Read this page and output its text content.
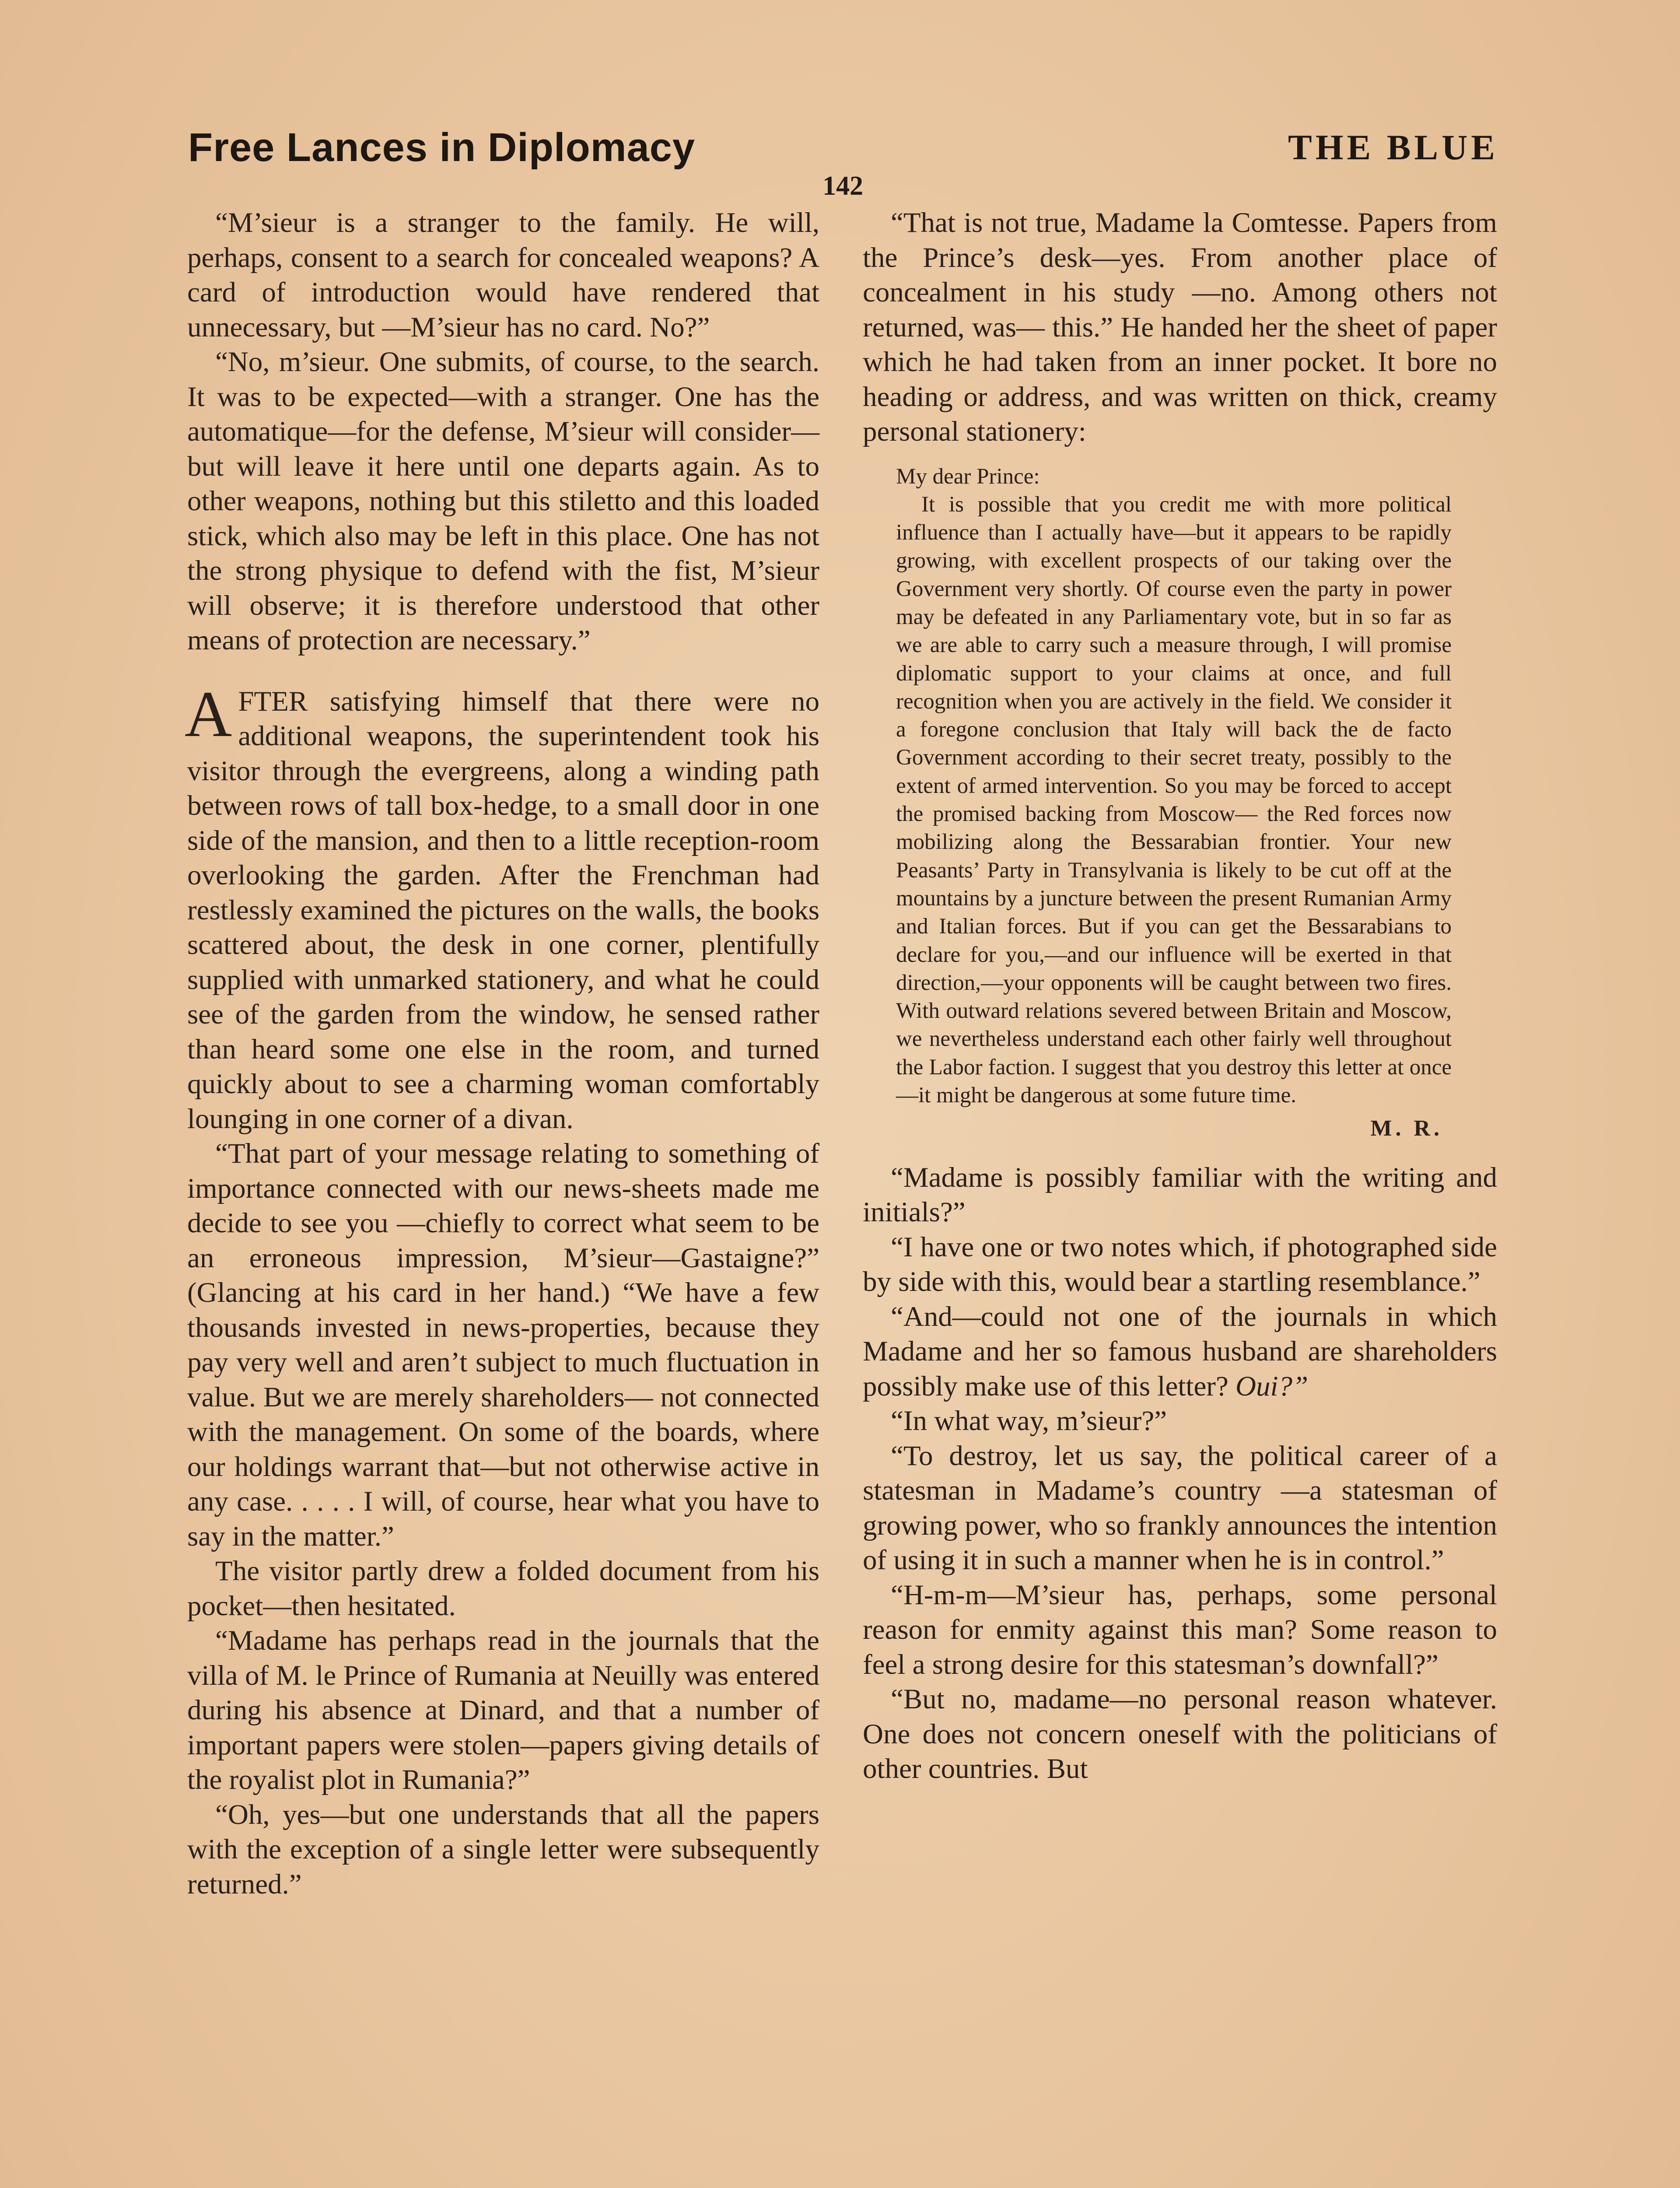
Free Lances in Diplomacy	THE BLUE
142

“M’sieur is a stranger to the family. He will, perhaps, consent to a search for concealed weapons? A card of introduction would have rendered that unnecessary, but —M’sieur has no card. No?”

“No, m’sieur. One submits, of course, to the search. It was to be expected—with a stranger. One has the automatique—for the defense, M’sieur will consider—but will leave it here until one departs again. As to other weapons, nothing but this stiletto and this loaded stick, which also may be left in this place. One has not the strong physique to defend with the fist, M’sieur will observe; it is therefore understood that other means of protection are necessary.”

AFTER satisfying himself that there were no additional weapons, the superintendent took his visitor through the evergreens, along a winding path between rows of tall box-hedge, to a small door in one side of the mansion, and then to a little reception-room overlooking the garden. After the Frenchman had restlessly examined the pictures on the walls, the books scattered about, the desk in one corner, plentifully supplied with unmarked stationery, and what he could see of the garden from the window, he sensed rather than heard some one else in the room, and turned quickly about to see a charming woman comfortably lounging in one corner of a divan.

“That part of your message relating to something of importance connected with our news-sheets made me decide to see you —chiefly to correct what seem to be an erroneous impression, M’sieur—Gastaigne?” (Glancing at his card in her hand.) “We have a few thousands invested in news-properties, because they pay very well and aren’t subject to much fluctuation in value. But we are merely shareholders— not connected with the management. On some of the boards, where our holdings warrant that—but not otherwise active in any case. . . . . I will, of course, hear what you have to say in the matter.”

The visitor partly drew a folded document from his pocket—then hesitated.

“Madame has perhaps read in the journals that the villa of M. le Prince of Rumania at Neuilly was entered during his absence at Dinard, and that a number of important papers were stolen—papers giving details of the royalist plot in Rumania?”

“Oh, yes—but one understands that all the papers with the exception of a single letter were subsequently returned.”

“That is not true, Madame la Comtesse. Papers from the Prince’s desk—yes. From another place of concealment in his study —no. Among others not returned, was— this.” He handed her the sheet of paper which he had taken from an inner pocket. It bore no heading or address, and was written on thick, creamy personal stationery:

My dear Prince:

It is possible that you credit me with more political influence than I actually have—but it appears to be rapidly growing, with excellent prospects of our taking over the Government very shortly. Of course even the party in power may be defeated in any Parliamentary vote, but in so far as we are able to carry such a measure through, I will promise diplomatic support to your claims at once, and full recognition when you are actively in the field. We consider it a foregone conclusion that Italy will back the de facto Government according to their secret treaty, possibly to the extent of armed intervention. So you may be forced to accept the promised backing from Moscow— the Red forces now mobilizing along the Bessarabian frontier. Your new Peasants’ Party in Transylvania is likely to be cut off at the mountains by a juncture between the present Rumanian Army and Italian forces. But if you can get the Bessarabians to declare for you,—and our influence will be exerted in that direction,—your opponents will be caught between two fires. With outward relations severed between Britain and Moscow, we nevertheless understand each other fairly well throughout the Labor faction. I suggest that you destroy this letter at once—it might be dangerous at some future time.

M. R.

“Madame is possibly familiar with the writing and initials?”

“I have one or two notes which, if photographed side by side with this, would bear a startling resemblance.”

“And—could not one of the journals in which Madame and her so famous husband are shareholders possibly make use of this letter? Oui?”

“In what way, m’sieur?”

“To destroy, let us say, the political career of a statesman in Madame’s country —a statesman of growing power, who so frankly announces the intention of using it in such a manner when he is in control.”

“H-m-m—M’sieur has, perhaps, some personal reason for enmity against this man? Some reason to feel a strong desire for this statesman’s downfall?”

“But no, madame—no personal reason whatever. One does not concern oneself with the politicians of other countries. But
